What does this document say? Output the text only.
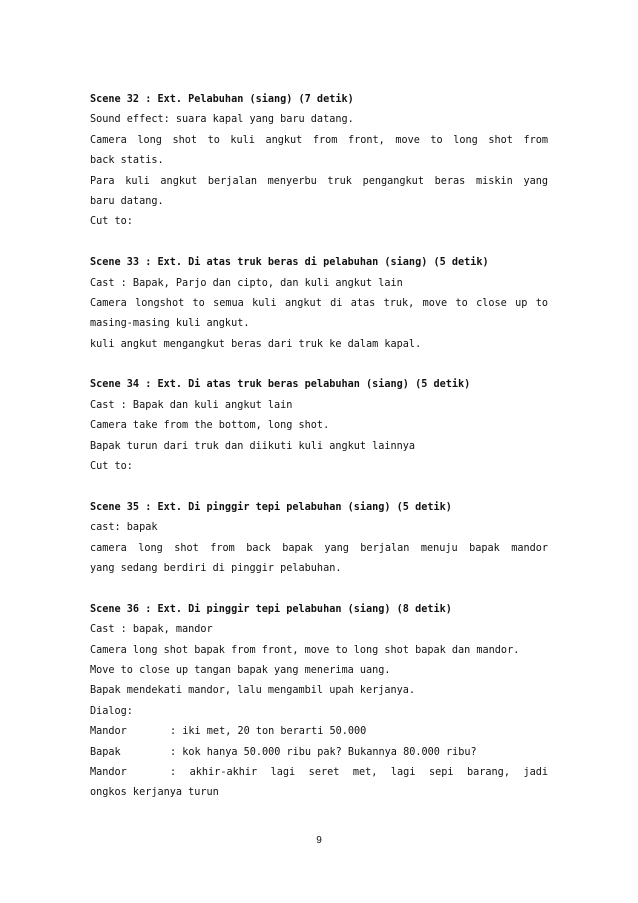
Scene 32 : Ext. Pelabuhan (siang) (7 detik)
Sound effect: suara kapal yang baru datang.
Camera long shot to kuli angkut from front, move to long shot from
back statis.
Para kuli angkut berjalan menyerbu truk pengangkut beras miskin yang
baru datang.
Cut to:
Scene 33 : Ext. Di atas truk beras di pelabuhan (siang) (5 detik)
Cast : Bapak, Parjo dan cipto, dan kuli angkut lain
Camera longshot to semua kuli angkut di atas truk, move to close up to
masing-masing kuli angkut.
kuli angkut mengangkut beras dari truk ke dalam kapal.
Scene 34 : Ext. Di atas truk beras pelabuhan (siang) (5 detik)
Cast : Bapak dan kuli angkut lain
Camera take from the bottom, long shot.
Bapak turun dari truk dan diikuti kuli angkut lainnya
Cut to:
Scene 35 : Ext. Di pinggir tepi pelabuhan (siang) (5 detik)
cast: bapak
camera long shot from back bapak yang berjalan menuju bapak mandor
yang sedang berdiri di pinggir pelabuhan.
Scene 36 : Ext. Di pinggir tepi pelabuhan (siang) (8 detik)
Cast : bapak, mandor
Camera long shot bapak from front, move to long shot bapak dan mandor.
Move to close up tangan bapak yang menerima uang.
Bapak mendekati mandor, lalu mengambil upah kerjanya.
Dialog:
Mandor	: iki met, 20 ton berarti 50.000
Bapak	: kok hanya 50.000 ribu pak? Bukannya 80.000 ribu?
Mandor	: akhir-akhir lagi seret met, lagi sepi barang, jadi
ongkos kerjanya turun
9
